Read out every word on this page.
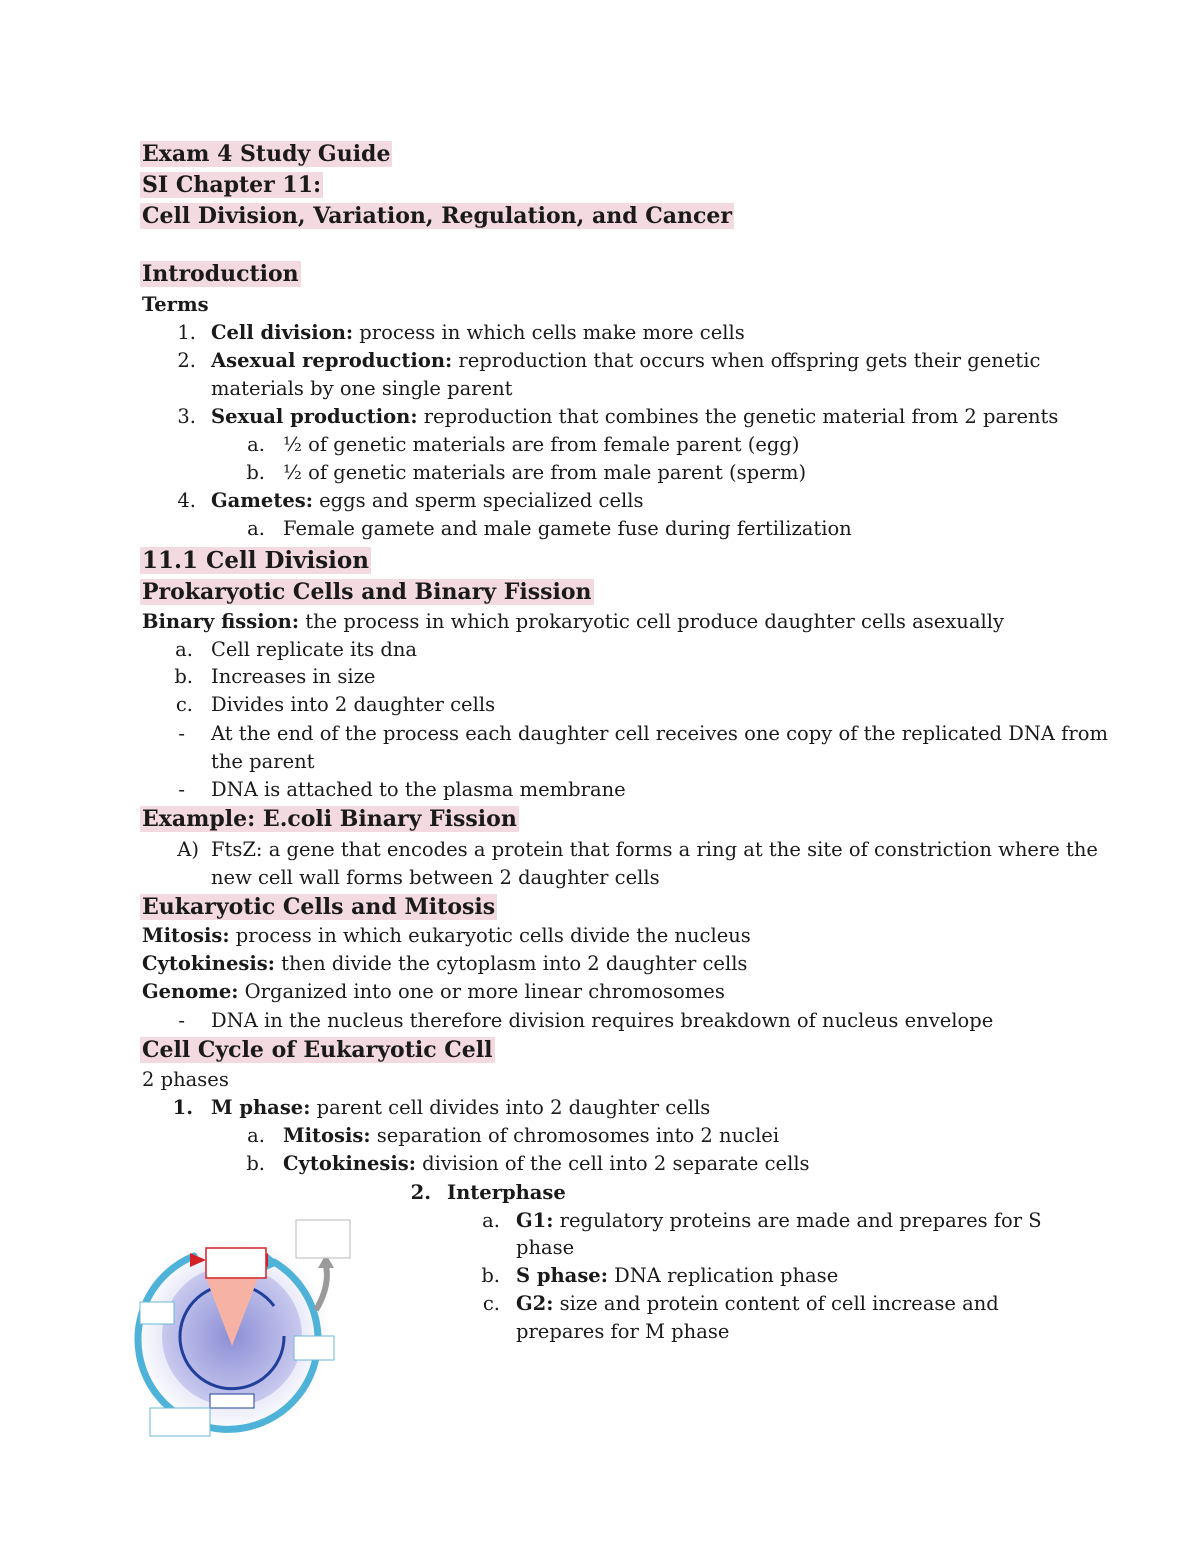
Exam 4 Study Guide
SI Chapter 11:
Cell Division, Variation, Regulation, and Cancer
Introduction
Terms
1. Cell division: process in which cells make more cells
2. Asexual reproduction: reproduction that occurs when offspring gets their genetic
materials by one single parent
3. Sexual production: reproduction that combines the genetic material from 2 parents
a. ½ of genetic materials are from female parent (egg)
b. ½ of genetic materials are from male parent (sperm)
4. Gametes: eggs and sperm specialized cells
a. Female gamete and male gamete fuse during fertilization
11.1 Cell Division
Prokaryotic Cells and Binary Fission
Binary fission: the process in which prokaryotic cell produce daughter cells asexually
a. Cell replicate its dna
b. Increases in size
c. Divides into 2 daughter cells
- At the end of the process each daughter cell receives one copy of the replicated DNA from
the parent
- DNA is attached to the plasma membrane
Example: E.coli Binary Fission
A) FtsZ: a gene that encodes a protein that forms a ring at the site of constriction where the
new cell wall forms between 2 daughter cells
Eukaryotic Cells and Mitosis
Mitosis: process in which eukaryotic cells divide the nucleus
Cytokinesis: then divide the cytoplasm into 2 daughter cells
Genome: Organized into one or more linear chromosomes
- DNA in the nucleus therefore division requires breakdown of nucleus envelope
Cell Cycle of Eukaryotic Cell
2 phases
1. M phase: parent cell divides into 2 daughter cells
a. Mitosis: separation of chromosomes into 2 nuclei
b. Cytokinesis: division of the cell into 2 separate cells
2. Interphase
a. G1: regulatory proteins are made and prepares for S
phase
b. S phase: DNA replication phase
c. G2: size and protein content of cell increase and
prepares for M phase
